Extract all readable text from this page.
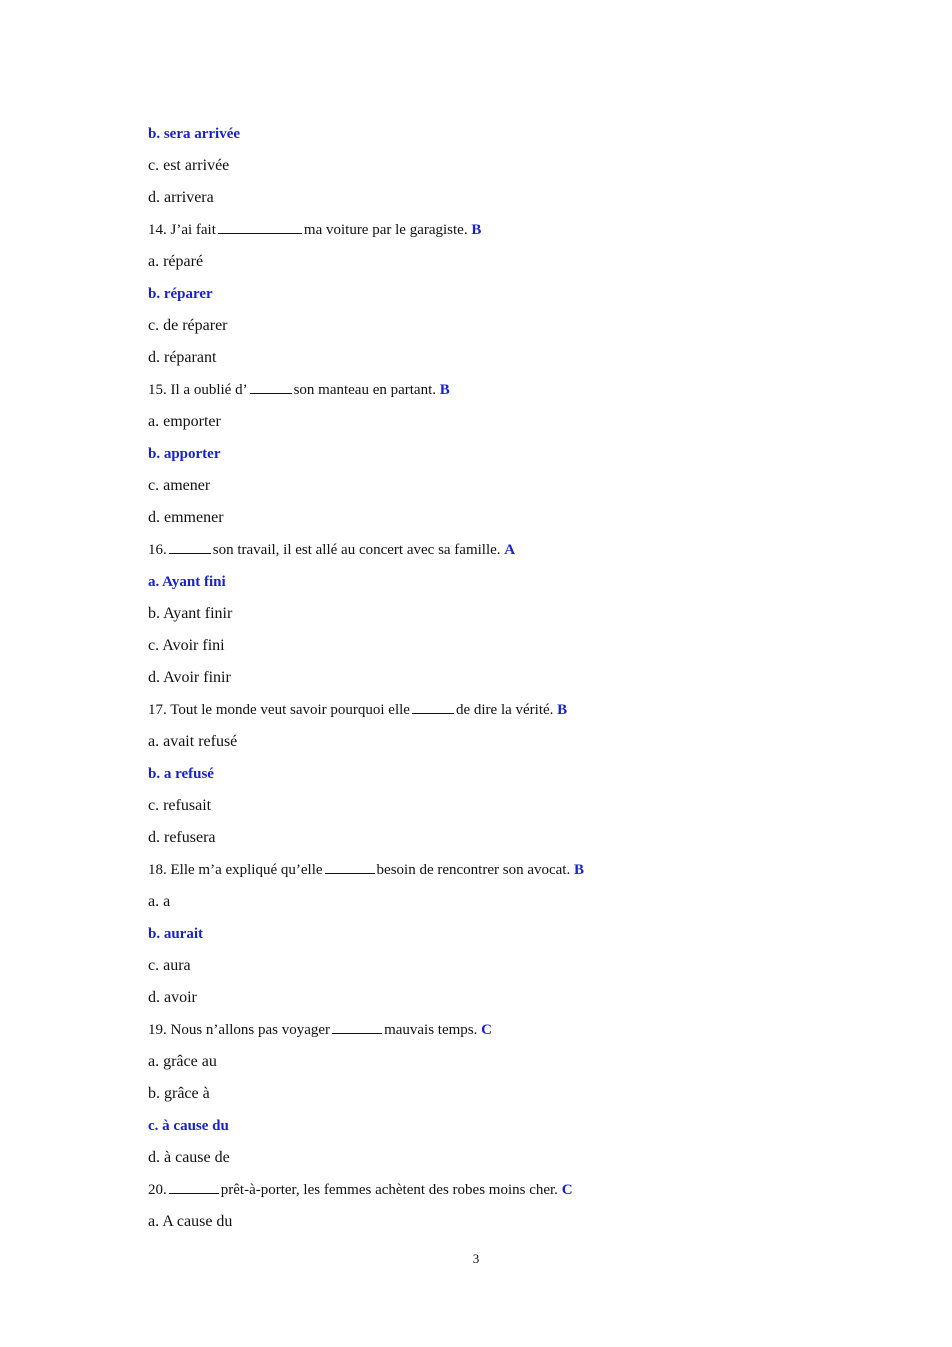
b. sera arrivée
c. est arrivée
d. arrivera
14. J’ai fait	ma voiture par le garagiste. B
a. réparé
b. réparer
c. de réparer
d. réparant
15. Il a oublié d’	son manteau en partant. B
a. emporter
b. apporter
c. amener
d. emmener
16.	son travail, il est allé au concert avec sa famille. A
a. Ayant fini
b. Ayant finir
c. Avoir fini
d. Avoir finir
17. Tout le monde veut savoir pourquoi elle	de dire la vérité. B
a. avait refusé
b. a refusé
c. refusait
d. refusera
18. Elle m’a expliqué qu’elle	besoin de rencontrer son avocat. B
a. a
b. aurait
c. aura
d. avoir
19. Nous n’allons pas voyager	mauvais temps. C
a. grâce au
b. grâce à
c. à cause du
d. à cause de
20.	prêt-à-porter, les femmes achètent des robes moins cher. C
a. A cause du
3
